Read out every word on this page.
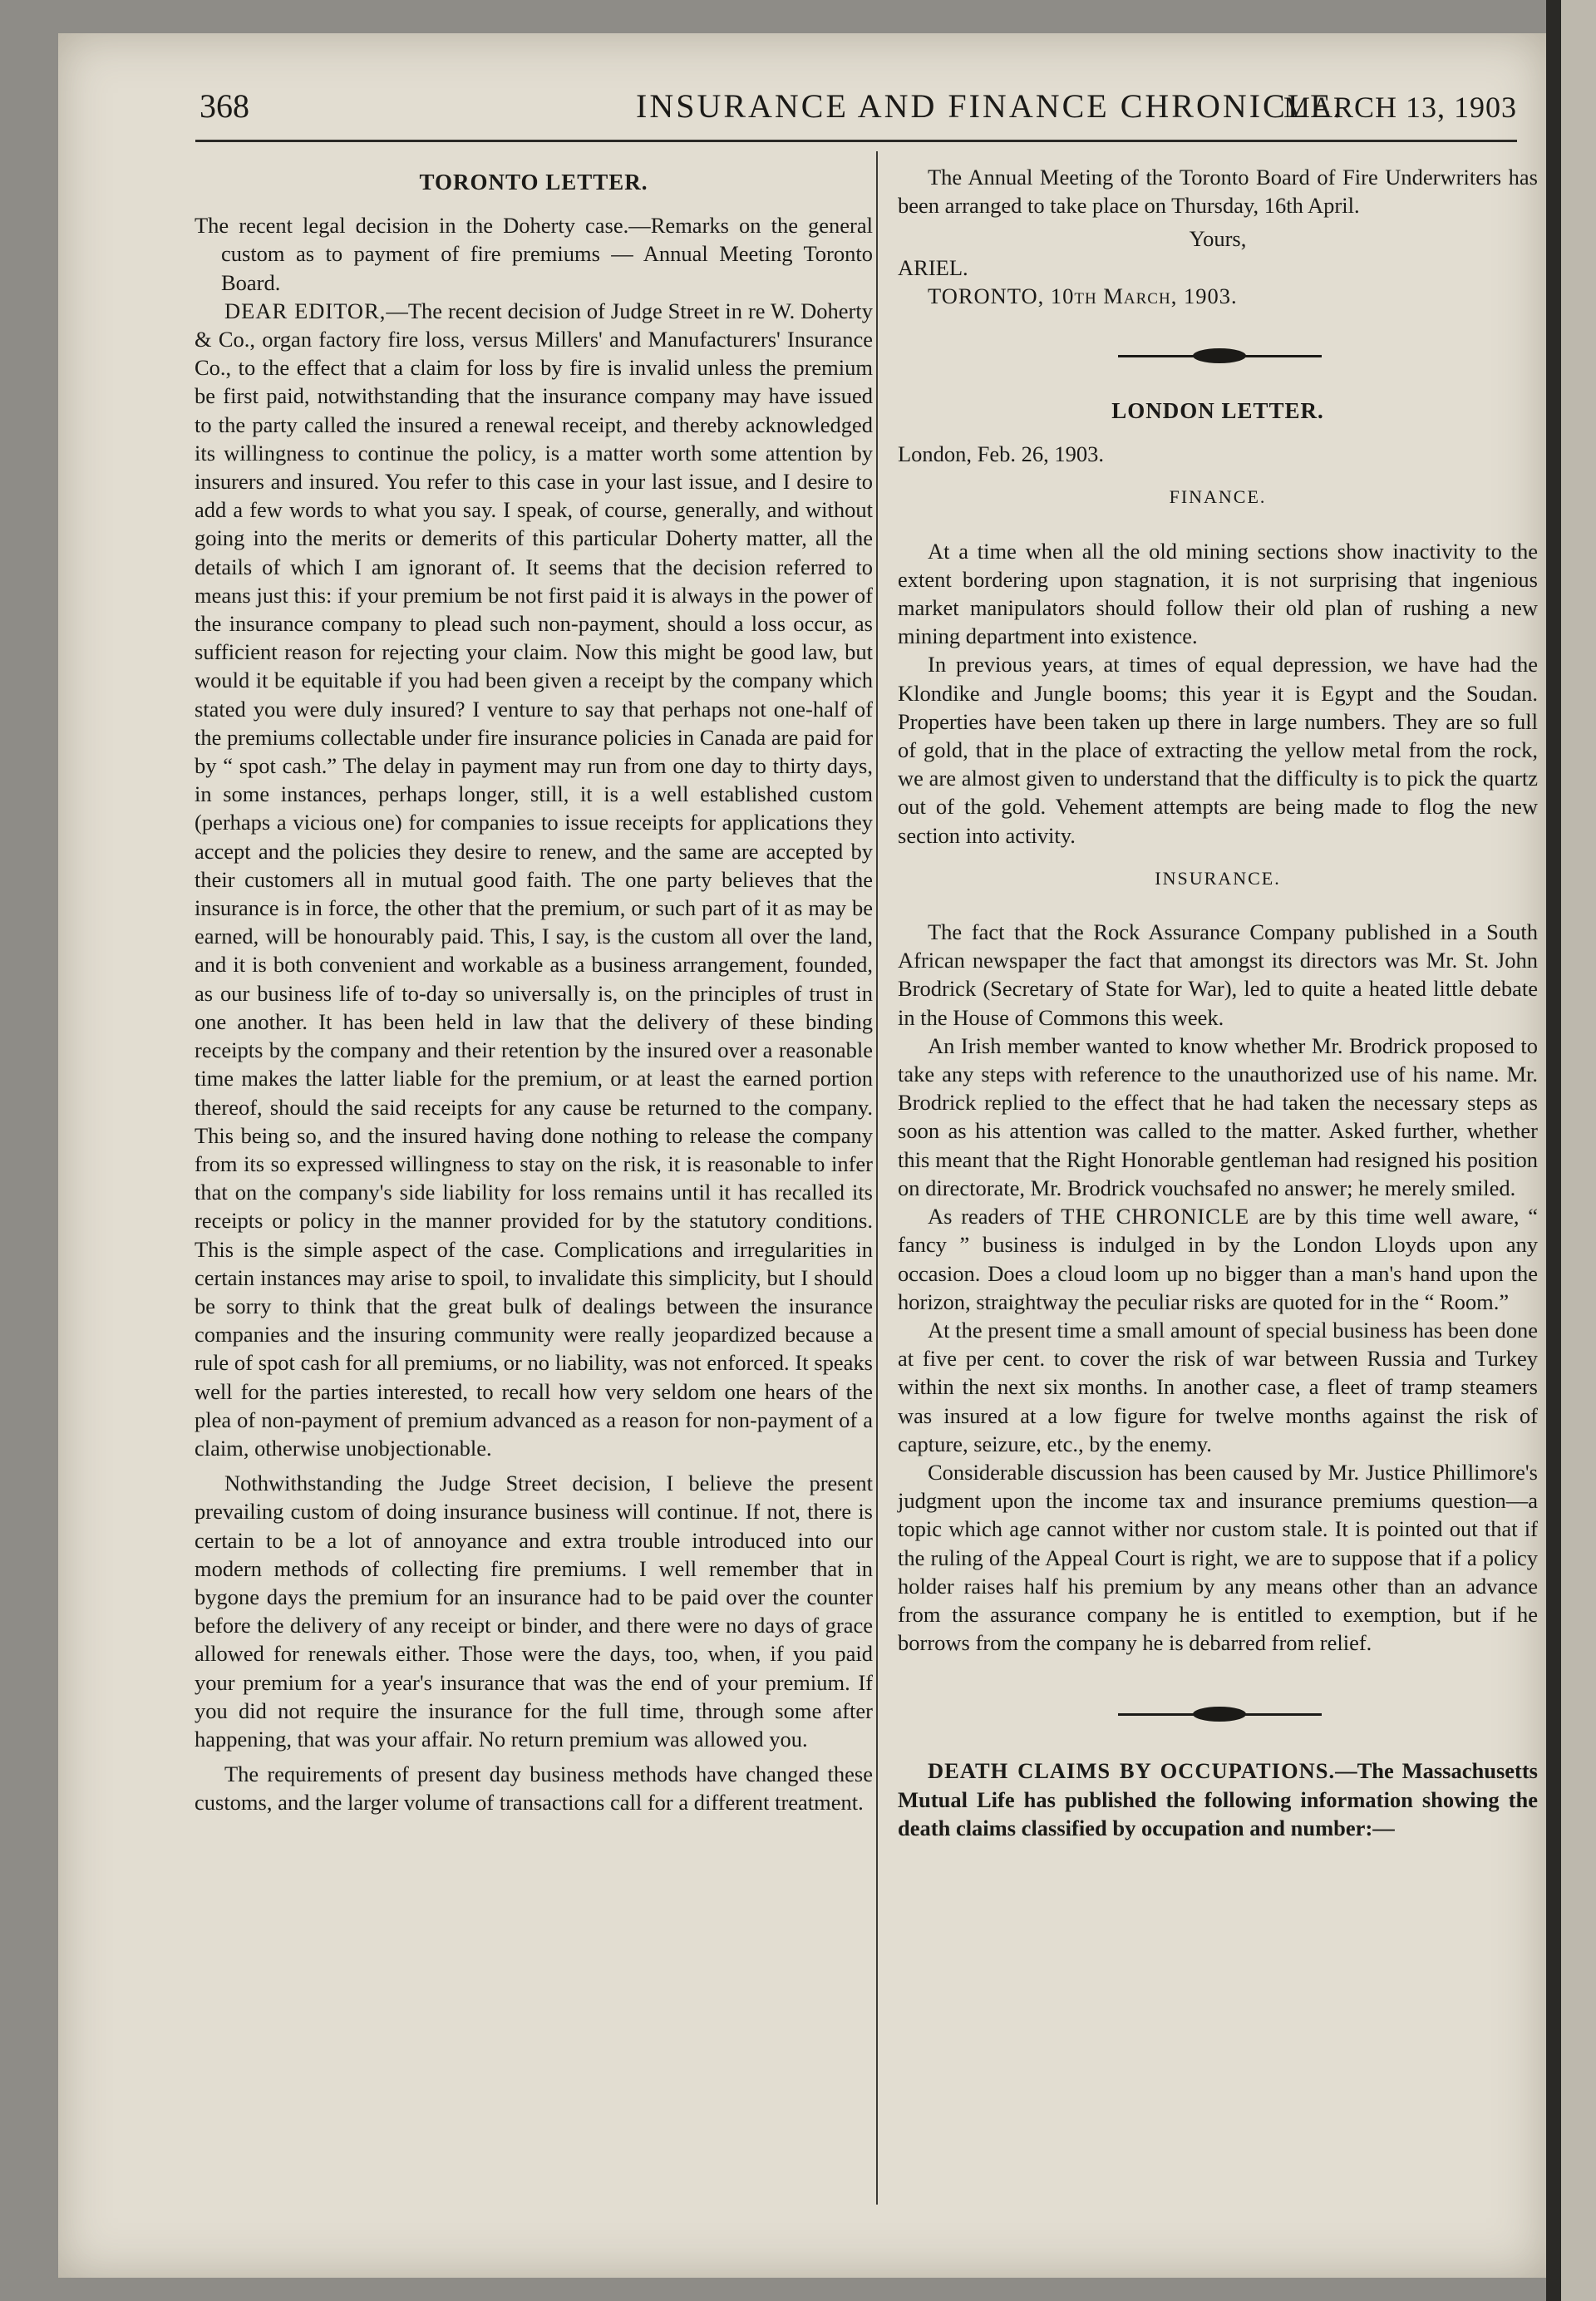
368	INSURANCE AND FINANCE CHRONICLE.
MARCH 13, 1903
TORONTO LETTER.

The recent legal decision in the Doherty case.—Remarks on the general custom as to payment of fire premiums — Annual Meeting Toronto Board.

DEAR EDITOR,—The recent decision of Judge Street in re W. Doherty & Co., organ factory fire loss, versus Millers' and Manufacturers' Insurance Co., to the effect that a claim for loss by fire is invalid unless the premium be first paid, notwithstanding that the insurance company may have issued to the party called the insured a renewal receipt, and thereby acknowledged its willingness to continue the policy, is a matter worth some attention by insurers and insured. You refer to this case in your last issue, and I desire to add a few words to what you say. I speak, of course, generally, and without going into the merits or demerits of this particular Doherty matter, all the details of which I am ignorant of. It seems that the decision referred to means just this: if your premium be not first paid it is always in the power of the insurance company to plead such non-payment, should a loss occur, as sufficient reason for rejecting your claim. Now this might be good law, but would it be equitable if you had been given a receipt by the company which stated you were duly insured? I venture to say that perhaps not one-half of the premiums collectable under fire insurance policies in Canada are paid for by “ spot cash.” The delay in payment may run from one day to thirty days, in some instances, perhaps longer, still, it is a well established custom (perhaps a vicious one) for companies to issue receipts for applications they accept and the policies they desire to renew, and the same are accepted by their customers all in mutual good faith. The one party believes that the insurance is in force, the other that the premium, or such part of it as may be earned, will be honourably paid. This, I say, is the custom all over the land, and it is both convenient and workable as a business arrangement, founded, as our business life of to-day so universally is, on the principles of trust in one another. It has been held in law that the delivery of these binding receipts by the company and their retention by the insured over a reasonable time makes the latter liable for the premium, or at least the earned portion thereof, should the said receipts for any cause be returned to the company. This being so, and the insured having done nothing to release the company from its so expressed willingness to stay on the risk, it is reasonable to infer that on the company's side liability for loss remains until it has recalled its receipts or policy in the manner provided for by the statutory conditions. This is the simple aspect of the case. Complications and irregularities in certain instances may arise to spoil, to invalidate this simplicity, but I should be sorry to think that the great bulk of dealings between the insurance companies and the insuring community were really jeopardized because a rule of spot cash for all premiums, or no liability, was not enforced. It speaks well for the parties interested, to recall how very seldom one hears of the plea of non-payment of premium advanced as a reason for non-payment of a claim, otherwise unobjectionable.

Nothwithstanding the Judge Street decision, I believe the present prevailing custom of doing insurance business will continue. If not, there is certain to be a lot of annoyance and extra trouble introduced into our modern methods of collecting fire premiums. I well remember that in bygone days the premium for an insurance had to be paid over the counter before the delivery of any receipt or binder, and there were no days of grace allowed for renewals either. Those were the days, too, when, if you paid your premium for a year's insurance that was the end of your premium. If you did not require the insurance for the full time, through some after happening, that was your affair. No return premium was allowed you.

The requirements of present day business methods have changed these customs, and the larger volume of transactions call for a different treatment.

The Annual Meeting of the Toronto Board of Fire Underwriters has been arranged to take place on Thursday, 16th April.

Yours,

ARIEL.

TORONTO, 10th March, 1903.

LONDON LETTER.

London, Feb. 26, 1903.

FINANCE.

At a time when all the old mining sections show inactivity to the extent bordering upon stagnation, it is not surprising that ingenious market manipulators should follow their old plan of rushing a new mining department into existence.

In previous years, at times of equal depression, we have had the Klondike and Jungle booms; this year it is Egypt and the Soudan. Properties have been taken up there in large numbers. They are so full of gold, that in the place of extracting the yellow metal from the rock, we are almost given to understand that the difficulty is to pick the quartz out of the gold. Vehement attempts are being made to flog the new section into activity.

INSURANCE.

The fact that the Rock Assurance Company published in a South African newspaper the fact that amongst its directors was Mr. St. John Brodrick (Secretary of State for War), led to quite a heated little debate in the House of Commons this week.

An Irish member wanted to know whether Mr. Brodrick proposed to take any steps with reference to the unauthorized use of his name. Mr. Brodrick replied to the effect that he had taken the necessary steps as soon as his attention was called to the matter. Asked further, whether this meant that the Right Honorable gentleman had resigned his position on directorate, Mr. Brodrick vouchsafed no answer; he merely smiled.

As readers of THE CHRONICLE are by this time well aware, “ fancy ” business is indulged in by the London Lloyds upon any occasion. Does a cloud loom up no bigger than a man's hand upon the horizon, straightway the peculiar risks are quoted for in the “ Room.”

At the present time a small amount of special business has been done at five per cent. to cover the risk of war between Russia and Turkey within the next six months. In another case, a fleet of tramp steamers was insured at a low figure for twelve months against the risk of capture, seizure, etc., by the enemy.

Considerable discussion has been caused by Mr. Justice Phillimore's judgment upon the income tax and insurance premiums question—a topic which age cannot wither nor custom stale. It is pointed out that if the ruling of the Appeal Court is right, we are to suppose that if a policy holder raises half his premium by any means other than an advance from the assurance company he is entitled to exemption, but if he borrows from the company he is debarred from relief.

DEATH CLAIMS BY OCCUPATIONS.—The Massachusetts Mutual Life has published the following information showing the death claims classified by occupation and number:—
